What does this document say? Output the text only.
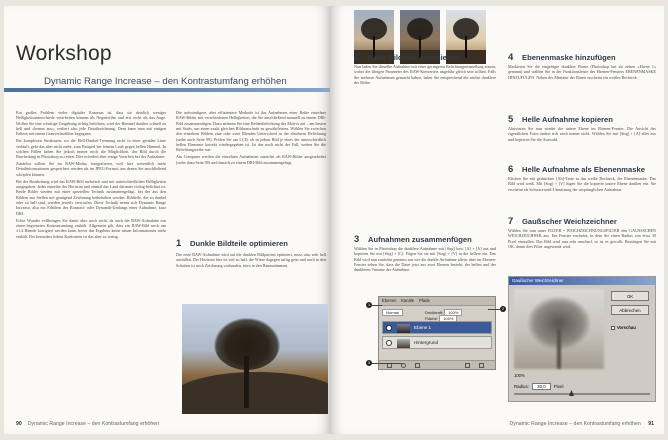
Workshop
Dynamic Range Increase – den Kontrastumfang erhöhen

Ein großes Problem vieler digitaler Kameras ist, dass sie deutlich weniger Helligkeitsunterschiede verarbeiten können als Negativfilm und erst recht als das Auge. Wollen Sie eine schattige Umgebung richtig belichten, wird der Himmel darüber schnell zu hell und »brennt aus«, verliert also jede Detailzeichnung. Dem kann man mit einigen Faltern mit einem Grauverlauffilter begegnen.

Bei komplexen Strukturen, wo die Hell-Dunkel-Trennung nicht in einer geraden Linie verläuft, geht das aber nicht mehr, zum Beispiel bei feinem Laub gegen hellen Himmel. In solchen Fällen haben Sie jedoch immer noch die Möglichkeit, das Bild durch die Bearbeitung in Photoshop zu retten. Dies erfordert aber einige Vorarbeit bei der Aufnahme:

Zunächst sollten Sie im RAW-Modus fotografieren, weil hier wesentlich mehr Detailinformationen gespeichert werden als im JPEG-Format, aus denen Sie anschließend schöpfen können.

Bei der Bearbeitung wird das RAW-Bild mehrfach und mit unterschiedlichen Helligkeiten ausgegeben. Jedes einzelne der Horizont und einmal das Land darunter richtig belichtet ist. Beide Bilder werden mit einer speziellen Technik zusammengefügt, bei der aus den Bildern nur Stellen mit genügend Zeichnung beibehalten werden. Bildteile, die zu dunkel oder zu hell sind, werden jeweils verworfen. Diese Technik nennt sich Dynamic Range Increase, also ein Erhöhen des Kontrast- oder Dynamik-Umfangs einer Aufnahme, kurz DRI.

Echte Wunder vollbringen Sie damit aber noch nicht, da auch die RAW-Aufnahme nur einen begrenzten Kontrastumfang enthält. Allgemein gilt, dass ein RAW-Bild noch um ±1,4 Blende korrigiert werden kann, bevor das Ergebnis keine neuen Informationen mehr enthält. Bei besonders hohen Kontrasten ist das aber zu wenig.

Die aufwändigere, aber effizientere Methode ist das Aufnehmen einer Reihe einzelner RAW-Bilder mit verschiedenen Helligkeiten, die Sie anschließend manuell zu einem DRI-Bild zusammenfügen. Dazu nehmen Sie eine Reihenbelichtung des Motivs auf – am besten mit Stativ, um einen exakt gleichen Bildausschnitt zu gewährleisten. Wählen Sie zwischen den einzelnen Bildern eine oder zwei Blenden Unterschied in der absoluten Belichtung (siehe auch Seite 99). Prüfen Sie am LCD, ob in jedem Bild je eines der unterschiedlich hellen Elemente korrekt wiedergegeben ist. Ist das noch nicht der Fall, weiten Sie die Belichtungsreihe aus.

Am Computer werden die einzelnen Aufnahmen zunächst als RAW-Bilder ausgearbeitet (siehe dazu Seite 90) und danach zu einem DRI-Bild zusammengefügt.

1 Dunkle Bildteile optimieren

Die erste RAW-Aufnahme wird auf die dunklen Bildpartien optimiert, muss also sehr hell ausfallen. Der Horizont hier ist viel zu hell, die Wiese dagegen saftig grün und auch in den Schatten ist noch Zeichnung vorhanden, etwa in den Baumstämmen.

90 Dynamic Range Increase – den Kontrastumfang erhöhen
2 Helle Bildteile optimieren

Nun laden Sie dieselbe Aufnahme mit einer geringeren Belichtungseinstellung erneut, wobei die übrigen Parameter des RAW-Konverters ungefähr gleich sein sollten. Falls Sie mehrere Aufnahmen gemacht haben, laden Sie entsprechend die nächst dunklere der Reihe.

3 Aufnahmen zusammenfügen

Wählen Sie in Photoshop die dunklere Aufnahme mit [Strg] bzw. [A] + [A] aus und kopieren Sie mit [Strg] + [C]. Fügen Sie sie mit [Strg] + [V] in die hellere ein. Das Bild wird nun zunächst genauso aus wie die dunkle Aufnahme allein, aber im Ebenen-Fenster sehen Sie, dass die Datei jetzt aus zwei Ebenen besteht, der hellen und der dunkleren Variante der Aufnahme.

Ebenen Kanäle Pfade
Normal	Deckkraft: 100%
Fläche: 100%
Ebene 1
Hintergrund
1
2
3
4 Ebenenmaske hinzufügen

Markieren Sie die eingefügte dunklere Ebene (Photoshop hat sie neben »Ebene 1« genannt) und wählen Sie in der Funktionsleiste des Ebenen-Fensters EBENENMASKE HINZUFÜGEN. Neben der Miniatur der Ebene erscheint ein weißes Rechteck.

5 Helle Aufnahme kopieren

Aktivieren Sie nun wieder die untere Ebene im Ebenen-Fenster. Die Ansicht des eigentlichen Fotos ändert sich noch immer nicht. Wählen Sie mit [Strg] + [A] alles aus und kopieren Sie die Auswahl.

6 Helle Aufnahme als Ebenenmaske

Klicken Sie mit gedrückter [Alt]-Taste in das weiße Rechteck, die Ebenenmaske. Das Bild wird weiß. Mit [Strg] + [V] fügen Sie die kopierte untere Ebene darüber ein. Sie erscheint als Schwarzweiß-Umsetzung der ursprünglichen Aufnahme.

7 Gaußscher Weichzeichner

Wählen Sie nun unter FILTER • WEICHZEICHNUNGSFILTER den GAUSSSCHEN WEICHZEICHNER aus. Ein Fenster erscheint, in dem Sie einen Radius von etwa 30 Pixel einstellen. Das Bild wird nun sehr unscharf, so ist es gewollt. Bestätigen Sie mit OK, damit dies Filter angewandt wird.

Gaußscher Weichzeichner
OK
Abbrechen
Vorschau
100%
Radius: 30,0 Pixel
Dynamic Range Increase – den Kontrastumfang erhöhen 91
